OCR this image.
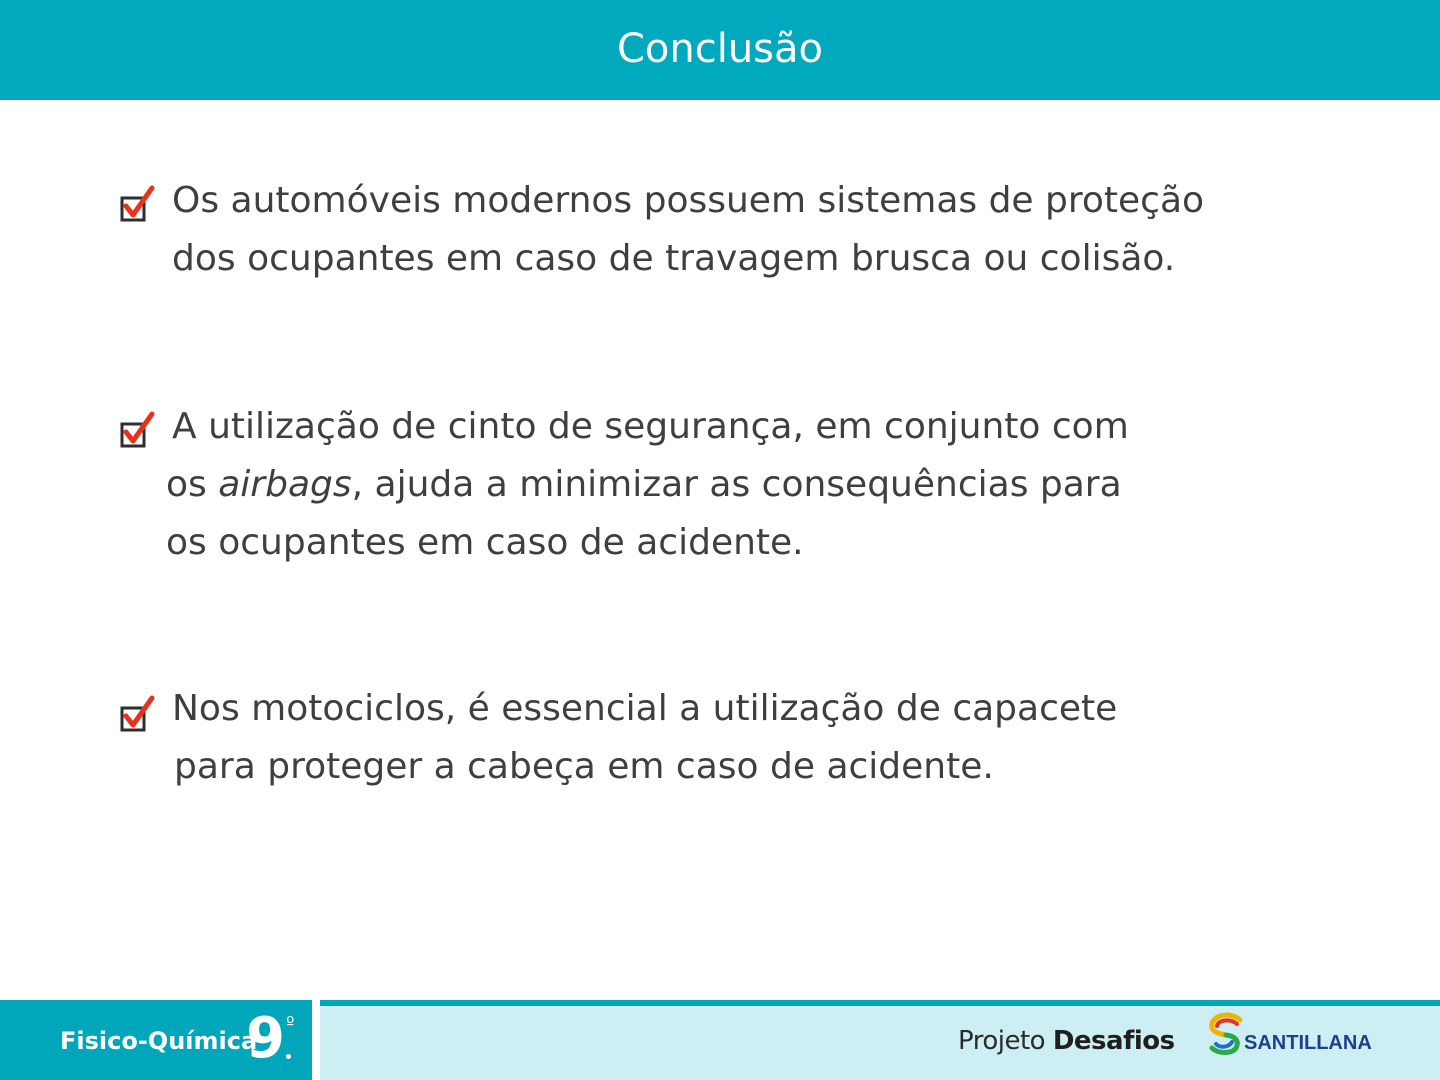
Conclusão
Os automóveis modernos possuem sistemas de proteção
dos ocupantes em caso de travagem brusca ou colisão.
A utilização de cinto de segurança, em conjunto com
os airbags, ajuda a minimizar as consequências para
os ocupantes em caso de acidente.
Nos motociclos, é essencial a utilização de capacete
para proteger a cabeça em caso de acidente.
Fisico-Química
9 º
Projeto Desafios	SANTILLANA
